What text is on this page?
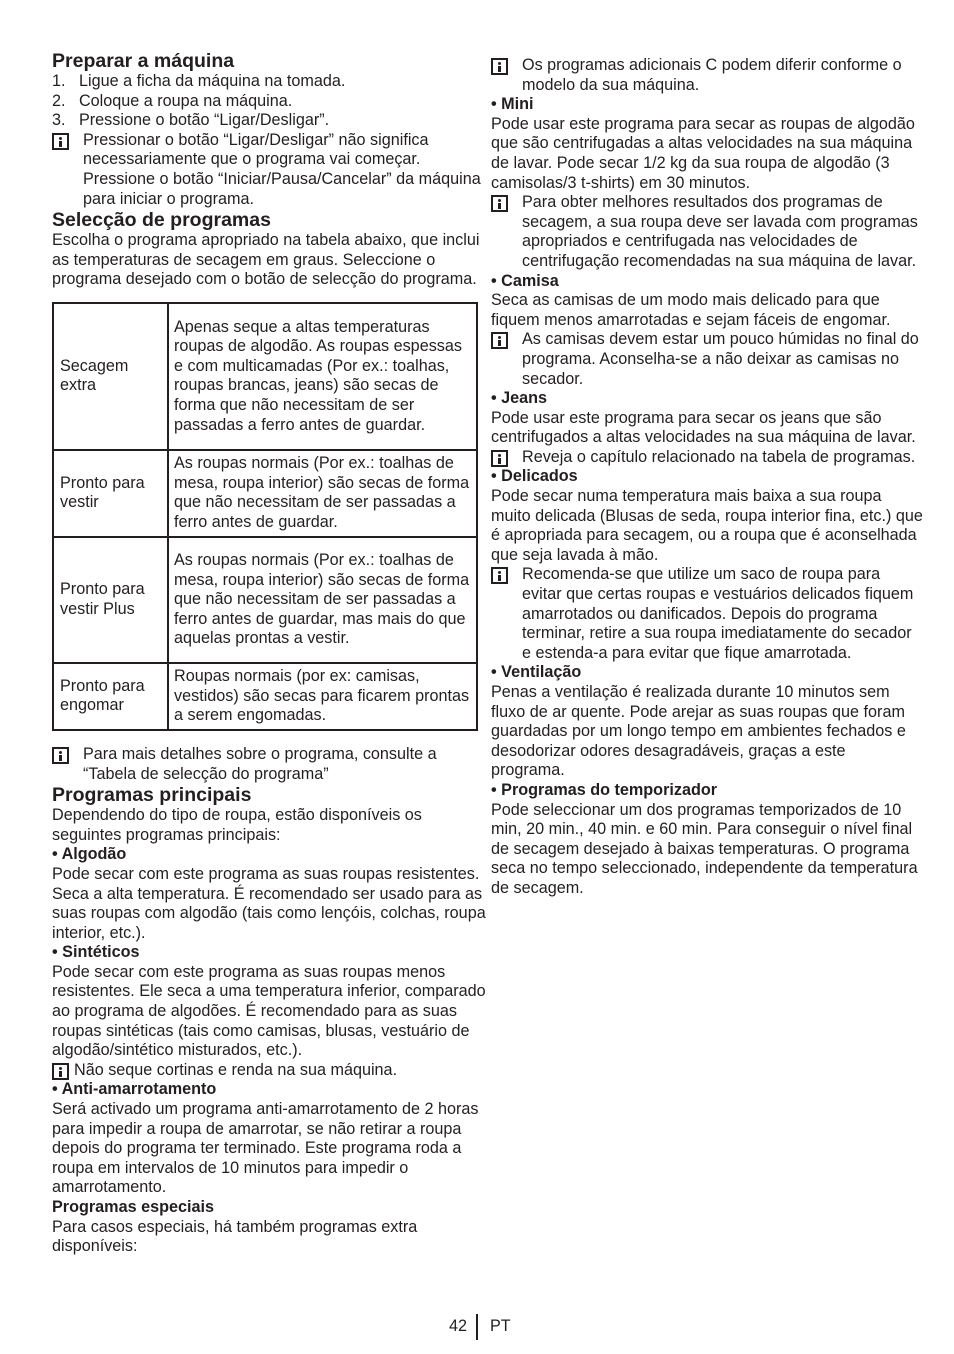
Preparar a máquina
1.   Ligue a ficha da máquina na tomada.
2.   Coloque a roupa na máquina.
3.   Pressione o botão “Ligar/Desligar”.
Pressionar o botão “Ligar/Desligar” não significa necessariamente que o programa vai começar. Pressione o botão “Iniciar/Pausa/Cancelar” da máquina para iniciar o programa.
Selecção de programas

Escolha o programa apropriado na tabela abaixo, que inclui as temperaturas de secagem em graus. Seleccione o programa desejado com o botão de selecção do programa.

Secagem extra	Apenas seque a altas temperaturas roupas de algodão. As roupas espessas e com multicamadas (Por ex.: toalhas, roupas brancas, jeans) são secas de forma que não necessitam de ser passadas a ferro antes de guardar.
Pronto para vestir	As roupas normais (Por ex.: toalhas de mesa, roupa interior) são secas de forma que não necessitam de ser passadas a ferro antes de guardar.
Pronto para vestir Plus	As roupas normais (Por ex.: toalhas de mesa, roupa interior) são secas de forma que não necessitam de ser passadas a ferro antes de guardar, mas mais do que aquelas prontas a vestir.
Pronto para engomar	Roupas normais (por ex: camisas, vestidos) são secas para ficarem prontas a serem engomadas.
Para mais detalhes sobre o programa, consulte a “Tabela de selecção do programa”
Programas principais

Dependendo do tipo de roupa, estão disponíveis os seguintes programas principais:

• Algodão

Pode secar com este programa as suas roupas resistentes. Seca a alta temperatura. É recomendado ser usado para as suas roupas com algodão (tais como lençóis, colchas, roupa interior, etc.).

• Sintéticos

Pode secar com este programa as suas roupas menos resistentes. Ele seca a uma temperatura inferior, comparado ao programa de algodões. É recomendado para as suas roupas sintéticas (tais como camisas, blusas, vestuário de algodão/sintético misturados, etc.).

Não seque cortinas e renda na sua máquina.

• Anti-amarrotamento

Será activado um programa anti-amarrotamento de 2 horas para impedir a roupa de amarrotar, se não retirar a roupa depois do programa ter terminado. Este programa roda a roupa em intervalos de 10 minutos para impedir o amarrotamento.

Programas especiais

Para casos especiais, há também programas extra disponíveis:

Os programas adicionais C podem diferir conforme o modelo da sua máquina.

• Mini

Pode usar este programa para secar as roupas de algodão que são centrifugadas a altas velocidades na sua máquina de lavar. Pode secar 1/2 kg da sua roupa de algodão (3 camisolas/3 t-shirts) em 30 minutos.

Para obter melhores resultados dos programas de secagem, a sua roupa deve ser lavada com programas apropriados e centrifugada nas velocidades de centrifugação recomendadas na sua máquina de lavar.

• Camisa

Seca as camisas de um modo mais delicado para que fiquem menos amarrotadas e sejam fáceis de engomar.

As camisas devem estar um pouco húmidas no final do programa. Aconselha-se a não deixar as camisas no secador.

• Jeans

Pode usar este programa para secar os jeans que são centrifugados a altas velocidades na sua máquina de lavar.

Reveja o capítulo relacionado na tabela de programas.

• Delicados

Pode secar numa temperatura mais baixa a sua roupa muito delicada (Blusas de seda, roupa interior fina, etc.) que é apropriada para secagem, ou a roupa que é aconselhada que seja lavada à mão.

Recomenda-se que utilize um saco de roupa para evitar que certas roupas e vestuários delicados fiquem amarrotados ou danificados. Depois do programa terminar, retire a sua roupa imediatamente do secador e estenda-a para evitar que fique amarrotada.

• Ventilação

Penas a ventilação é realizada durante 10 minutos sem fluxo de ar quente. Pode arejar as suas roupas que foram guardadas por um longo tempo em ambientes fechados e desodorizar odores desagradáveis, graças a este programa.

• Programas do temporizador

Pode seleccionar um dos programas temporizados de 10 min, 20 min., 40 min. e 60 min. Para conseguir o nível final de secagem desejado à baixas temperaturas. O programa seca no tempo seleccionado, independente da temperatura de secagem.

42 PT
